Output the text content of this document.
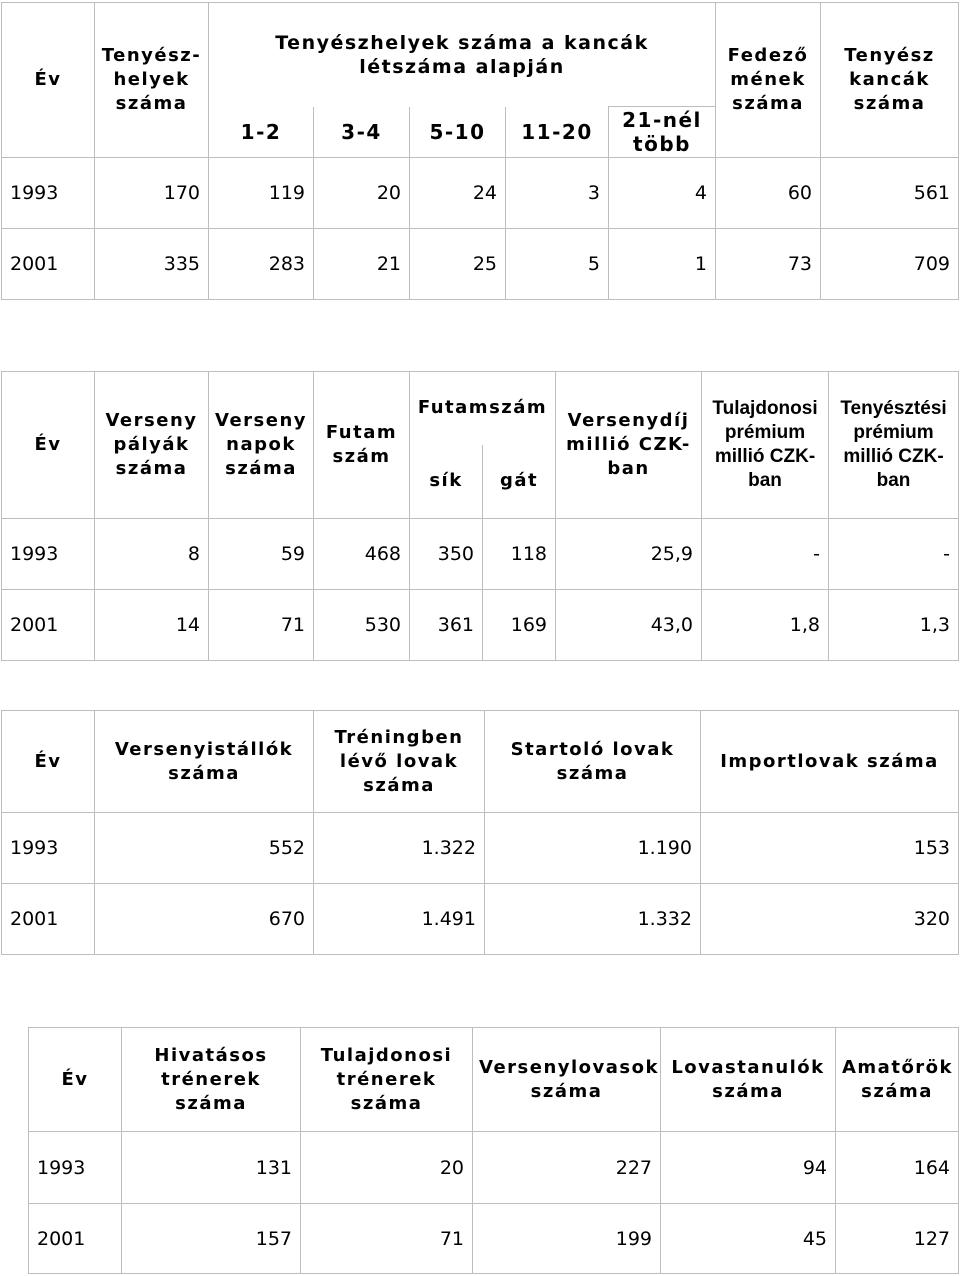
Év	Tenyész-
helyek
száma	Tenyészhelyek száma a kancák
létszáma alapján					Fedező
mének
száma	Tenyész
kancák
száma
		1-2	3-4	5-10	11-20	21-nél
több		
1993	170	119	20	24	3	4	60	561
2001	335	283	21	25	5	1	73	709
Év	Verseny
pályák
száma	Verseny
napok
száma	Futam
szám	Futamszám		Versenydíj
millió CZK-
ban	Tulajdonosi
prémium
millió CZK-
ban	Tenyésztési
prémium
millió CZK-
ban
				sík	gát			
1993	8	59	468	350	118	25,9	-	-
2001	14	71	530	361	169	43,0	1,8	1,3
Év	Versenyistállók
száma	Tréningben
lévő lovak
száma	Startoló lovak
száma	Importlovak száma
1993	552	1.322	1.190	153
2001	670	1.491	1.332	320
Év	Hivatásos
trénerek
száma	Tulajdonosi
trénerek
száma	Versenylovasok
száma	Lovastanulók
száma	Amatőrök
száma
1993	131	20	227	94	164
2001	157	71	199	45	127
